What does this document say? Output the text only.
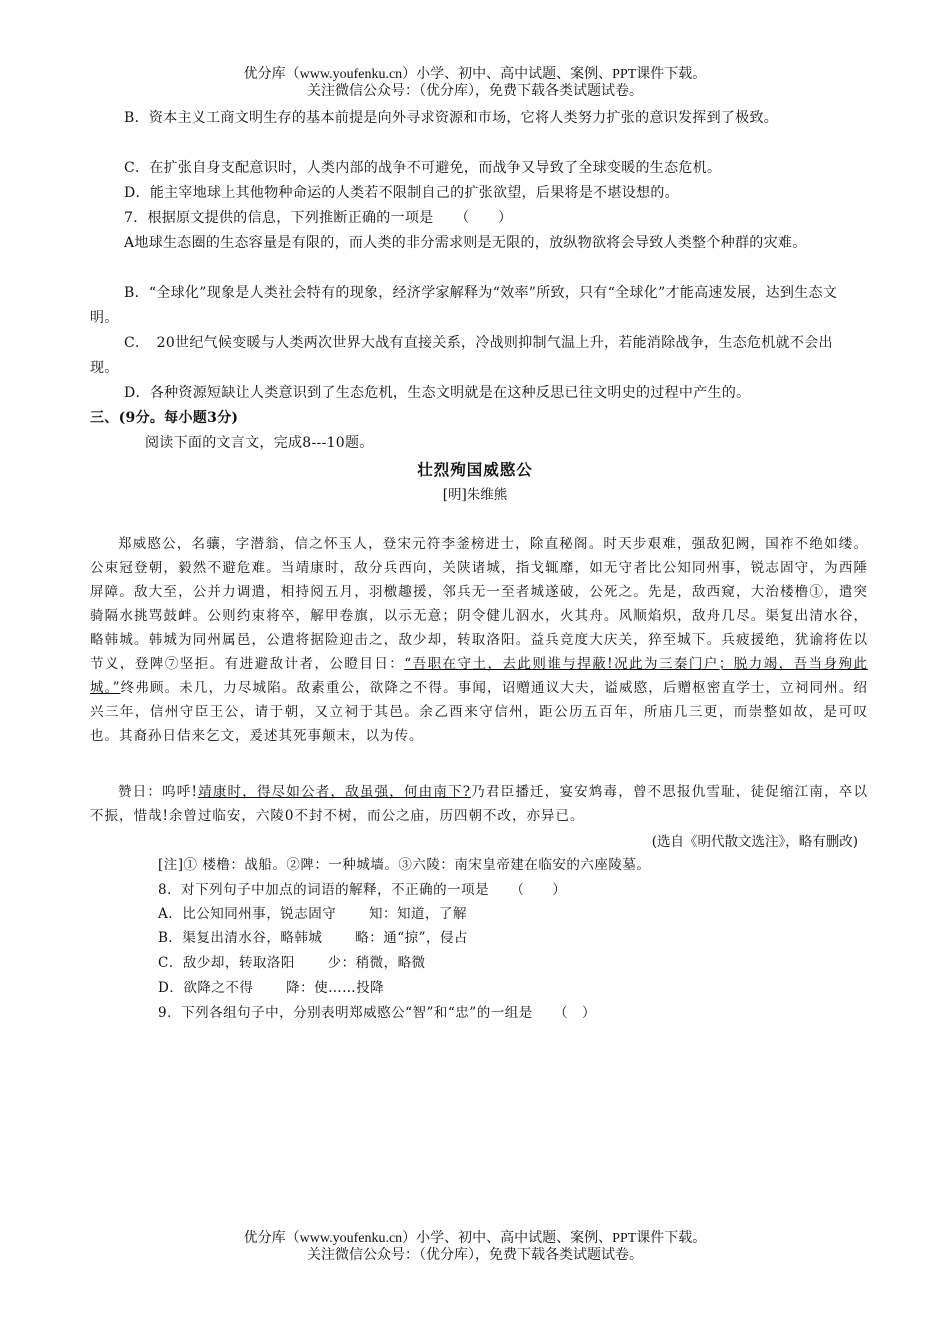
优分库（www.youfenku.cn）小学、初中、高中试题、案例、PPT课件下载。
关注微信公众号：（优分库），免费下载各类试题试卷。
B．资本主义工商文明生存的基本前提是向外寻求资源和市场，它将人类努力扩张的意识发挥到了极致。
C．在扩张自身支配意识时，人类内部的战争不可避免，而战争又导致了全球变暖的生态危机。
D．能主宰地球上其他物种命运的人类若不限制自己的扩张欲望，后果将是不堪设想的。
7．根据原文提供的信息，下列推断正确的一项是　　（　　）
A地球生态圈的生态容量是有限的，而人类的非分需求则是无限的，放纵物欲将会导致人类整个种群的灾难。
B．“全球化”现象是人类社会特有的现象，经济学家解释为“效率”所致，只有“全球化”才能高速发展，达到生态文明。
C．　20世纪气候变暖与人类两次世界大战有直接关系，冷战则抑制气温上升，若能消除战争，生态危机就不会出现。
D．各种资源短缺让人类意识到了生态危机，生态文明就是在这种反思已往文明史的过程中产生的。
三、(9分。每小题3分)
阅读下面的文言文，完成8---10题。
壮烈殉国威愍公
[明]朱维熊
郑威愍公，名骧，字潜翁，信之怀玉人，登宋元符李釜榜进士，除直秘阁。时天步艰难，强敌犯阙，国祚不绝如缕。公束冠登朝，毅然不避危难。当靖康时，敌分兵西向，关陕诸城，指戈辄靡，如无守者比公知同州事，锐志固守，为西陲屏障。敌大至，公并力调遣，相持阅五月，羽檄趣援，邻兵无一至者城遂破，公死之。先是，敌西窥，大治楼橹①，遣突骑隔水挑骂鼓衅。公则约束将卒，解甲卷旗，以示无意；阴令健儿泅水，火其舟。风顺焰炽，敌舟几尽。渠复出清水谷，略韩城。韩城为同州属邑，公遣将据险迎击之，敌少却，转取洛阳。益兵竞度大庆关，猝至城下。兵疲援绝，犹谕将佐以节义，登陴⑦坚拒。有进避敌计者，公瞪目日：“吾职在守土，去此则谁与捍蔽!况此为三秦门户；脱力竭，吾当身殉此城。”终弗顾。未几，力尽城陷。敌素重公，欲降之不得。事闻，诏赠通议大夫，谥威愍，后赠枢密直学士，立祠同州。绍兴三年，信州守臣王公，请于朝，又立祠于其邑。余乙酉来守信州，距公历五百年，所庙几三更，而崇整如故，是可叹也。其裔孙日佶来乞文，爰述其死事颠末，以为传。
赞日：呜呼!靖康时，得尽如公者，敌虽强，何由南下?乃君臣播迁，宴安鸩毒，曾不思报仇雪耻，徒促缩江南，卒以不振，惜哉!余曾过临安，六陵0不封不树，而公之庙，历四朝不改，亦异已。
(选自《明代散文选注》，略有删改)
[注]① 楼橹：战船。②陴：一种城墙。③六陵：南宋皇帝建在临安的六座陵墓。
8．对下列句子中加点的词语的解释，不正确的一项是　　（　　）
A．比公知同州事，锐志固守　　 知：知道，了解
B．渠复出清水谷，略韩城　　 略：通“掠”，侵占
C．敌少却，转取洛阳　　 少：稍微，略微
D．欲降之不得　　 降：使……投降
9．下列各组句子中，分别表明郑威愍公“智”和“忠”的一组是　　（　）
优分库（www.youfenku.cn）小学、初中、高中试题、案例、PPT课件下载。
关注微信公众号：（优分库），免费下载各类试题试卷。
